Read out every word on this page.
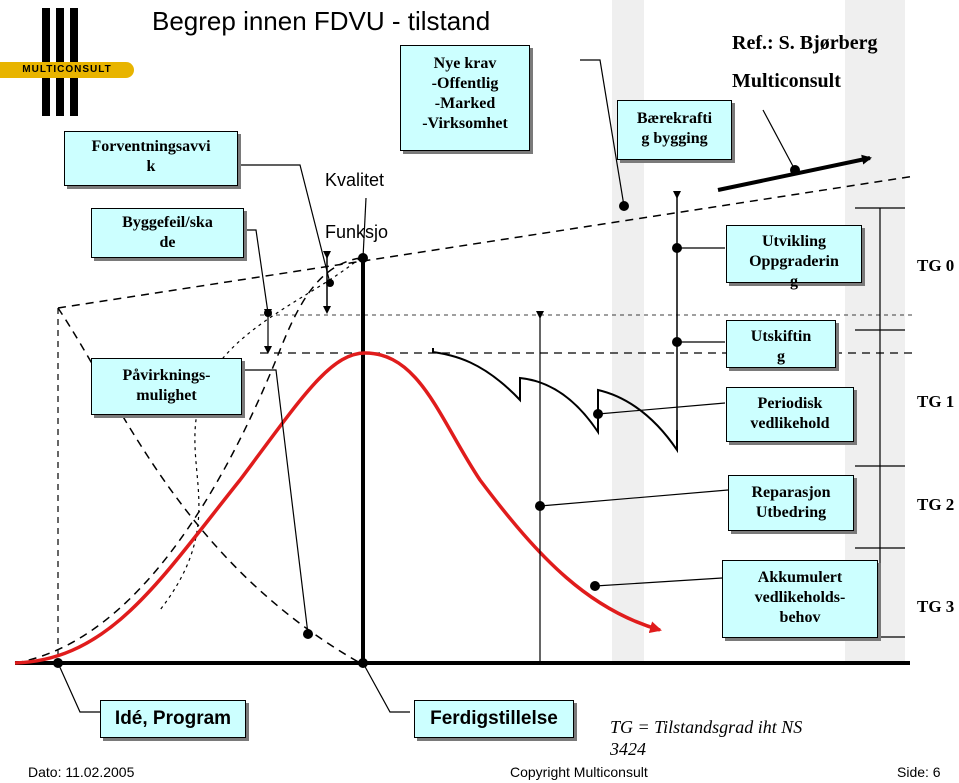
MULTICONSULT
Begrep innen FDVU - tilstand
Ref.: S. Bjørberg
Multiconsult
Kvalitet
Funksjo
Forventningsavvi
k
Byggefeil/ska
de
Påvirknings-
mulighet
Nye krav
-Offentlig
-Marked
-Virksomhet	Bærekrafti
g bygging
Utvikling
Oppgraderin
g
Utskiftin
g
Periodisk
vedlikehold
Reparasjon
Utbedring
Akkumulert
vedlikeholds-
behov
TG 0
TG 1
TG 2
TG 3
Idé, Program	Ferdigstillelse	TG = Tilstandsgrad iht NS 3424
Dato: 11.02.2005	Copyright Multiconsult	Side: 6
